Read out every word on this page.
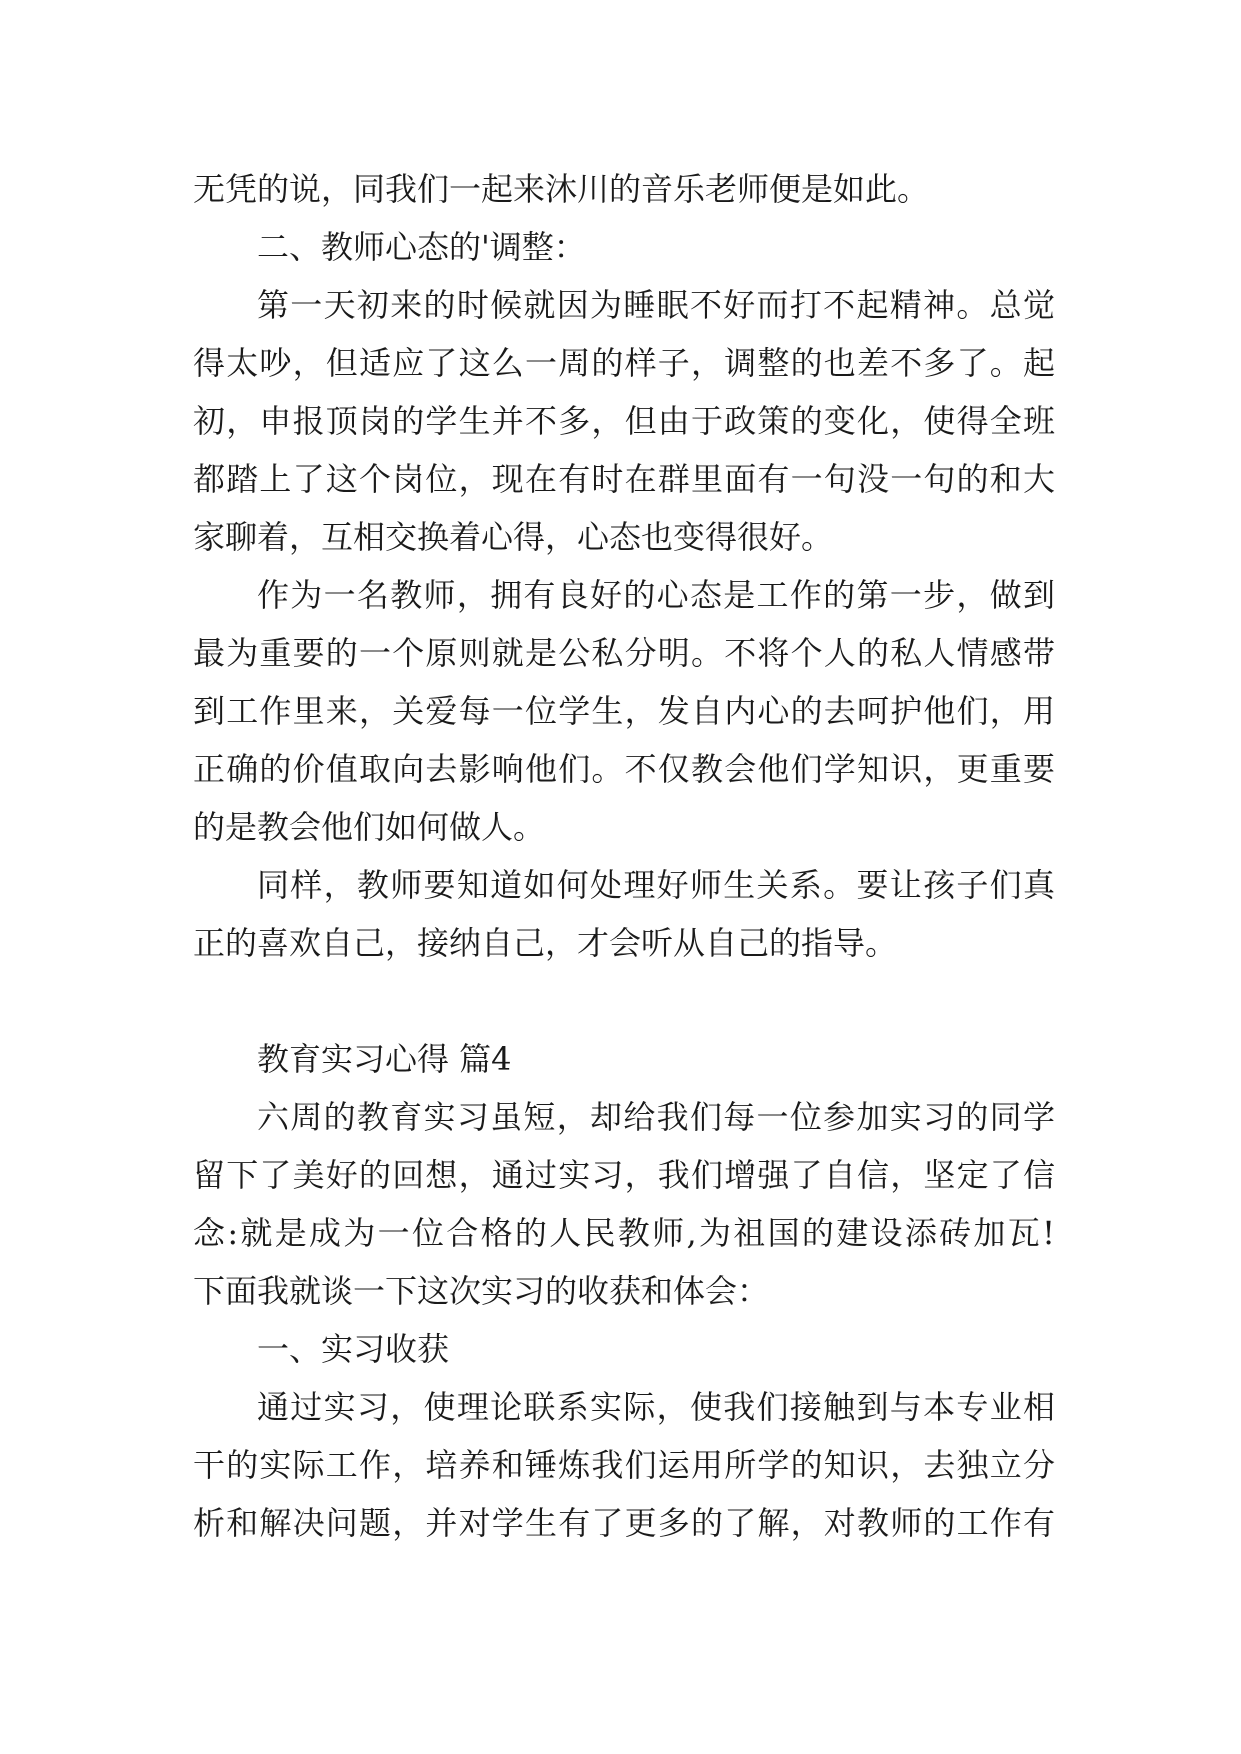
无凭的说，同我们一起来沐川的音乐老师便是如此。
二、教师心态的'调整：
第一天初来的时候就因为睡眠不好而打不起精神。总觉
得太吵，但适应了这么一周的样子，调整的也差不多了。起
初，申报顶岗的学生并不多，但由于政策的变化，使得全班
都踏上了这个岗位，现在有时在群里面有一句没一句的和大
家聊着，互相交换着心得，心态也变得很好。
作为一名教师，拥有良好的心态是工作的第一步，做到
最为重要的一个原则就是公私分明。不将个人的私人情感带
到工作里来，关爱每一位学生，发自内心的去呵护他们，用
正确的价值取向去影响他们。不仅教会他们学知识，更重要
的是教会他们如何做人。
同样，教师要知道如何处理好师生关系。要让孩子们真
正的喜欢自己，接纳自己，才会听从自己的指导。
教育实习心得 篇4
六周的教育实习虽短，却给我们每一位参加实习的同学
留下了美好的回想，通过实习，我们增强了自信，坚定了信
念:就是成为一位合格的人民教师,为祖国的建设添砖加瓦!
下面我就谈一下这次实习的收获和体会：
一、实习收获
通过实习，使理论联系实际，使我们接触到与本专业相
干的实际工作，培养和锤炼我们运用所学的知识，去独立分
析和解决问题，并对学生有了更多的了解，对教师的工作有
